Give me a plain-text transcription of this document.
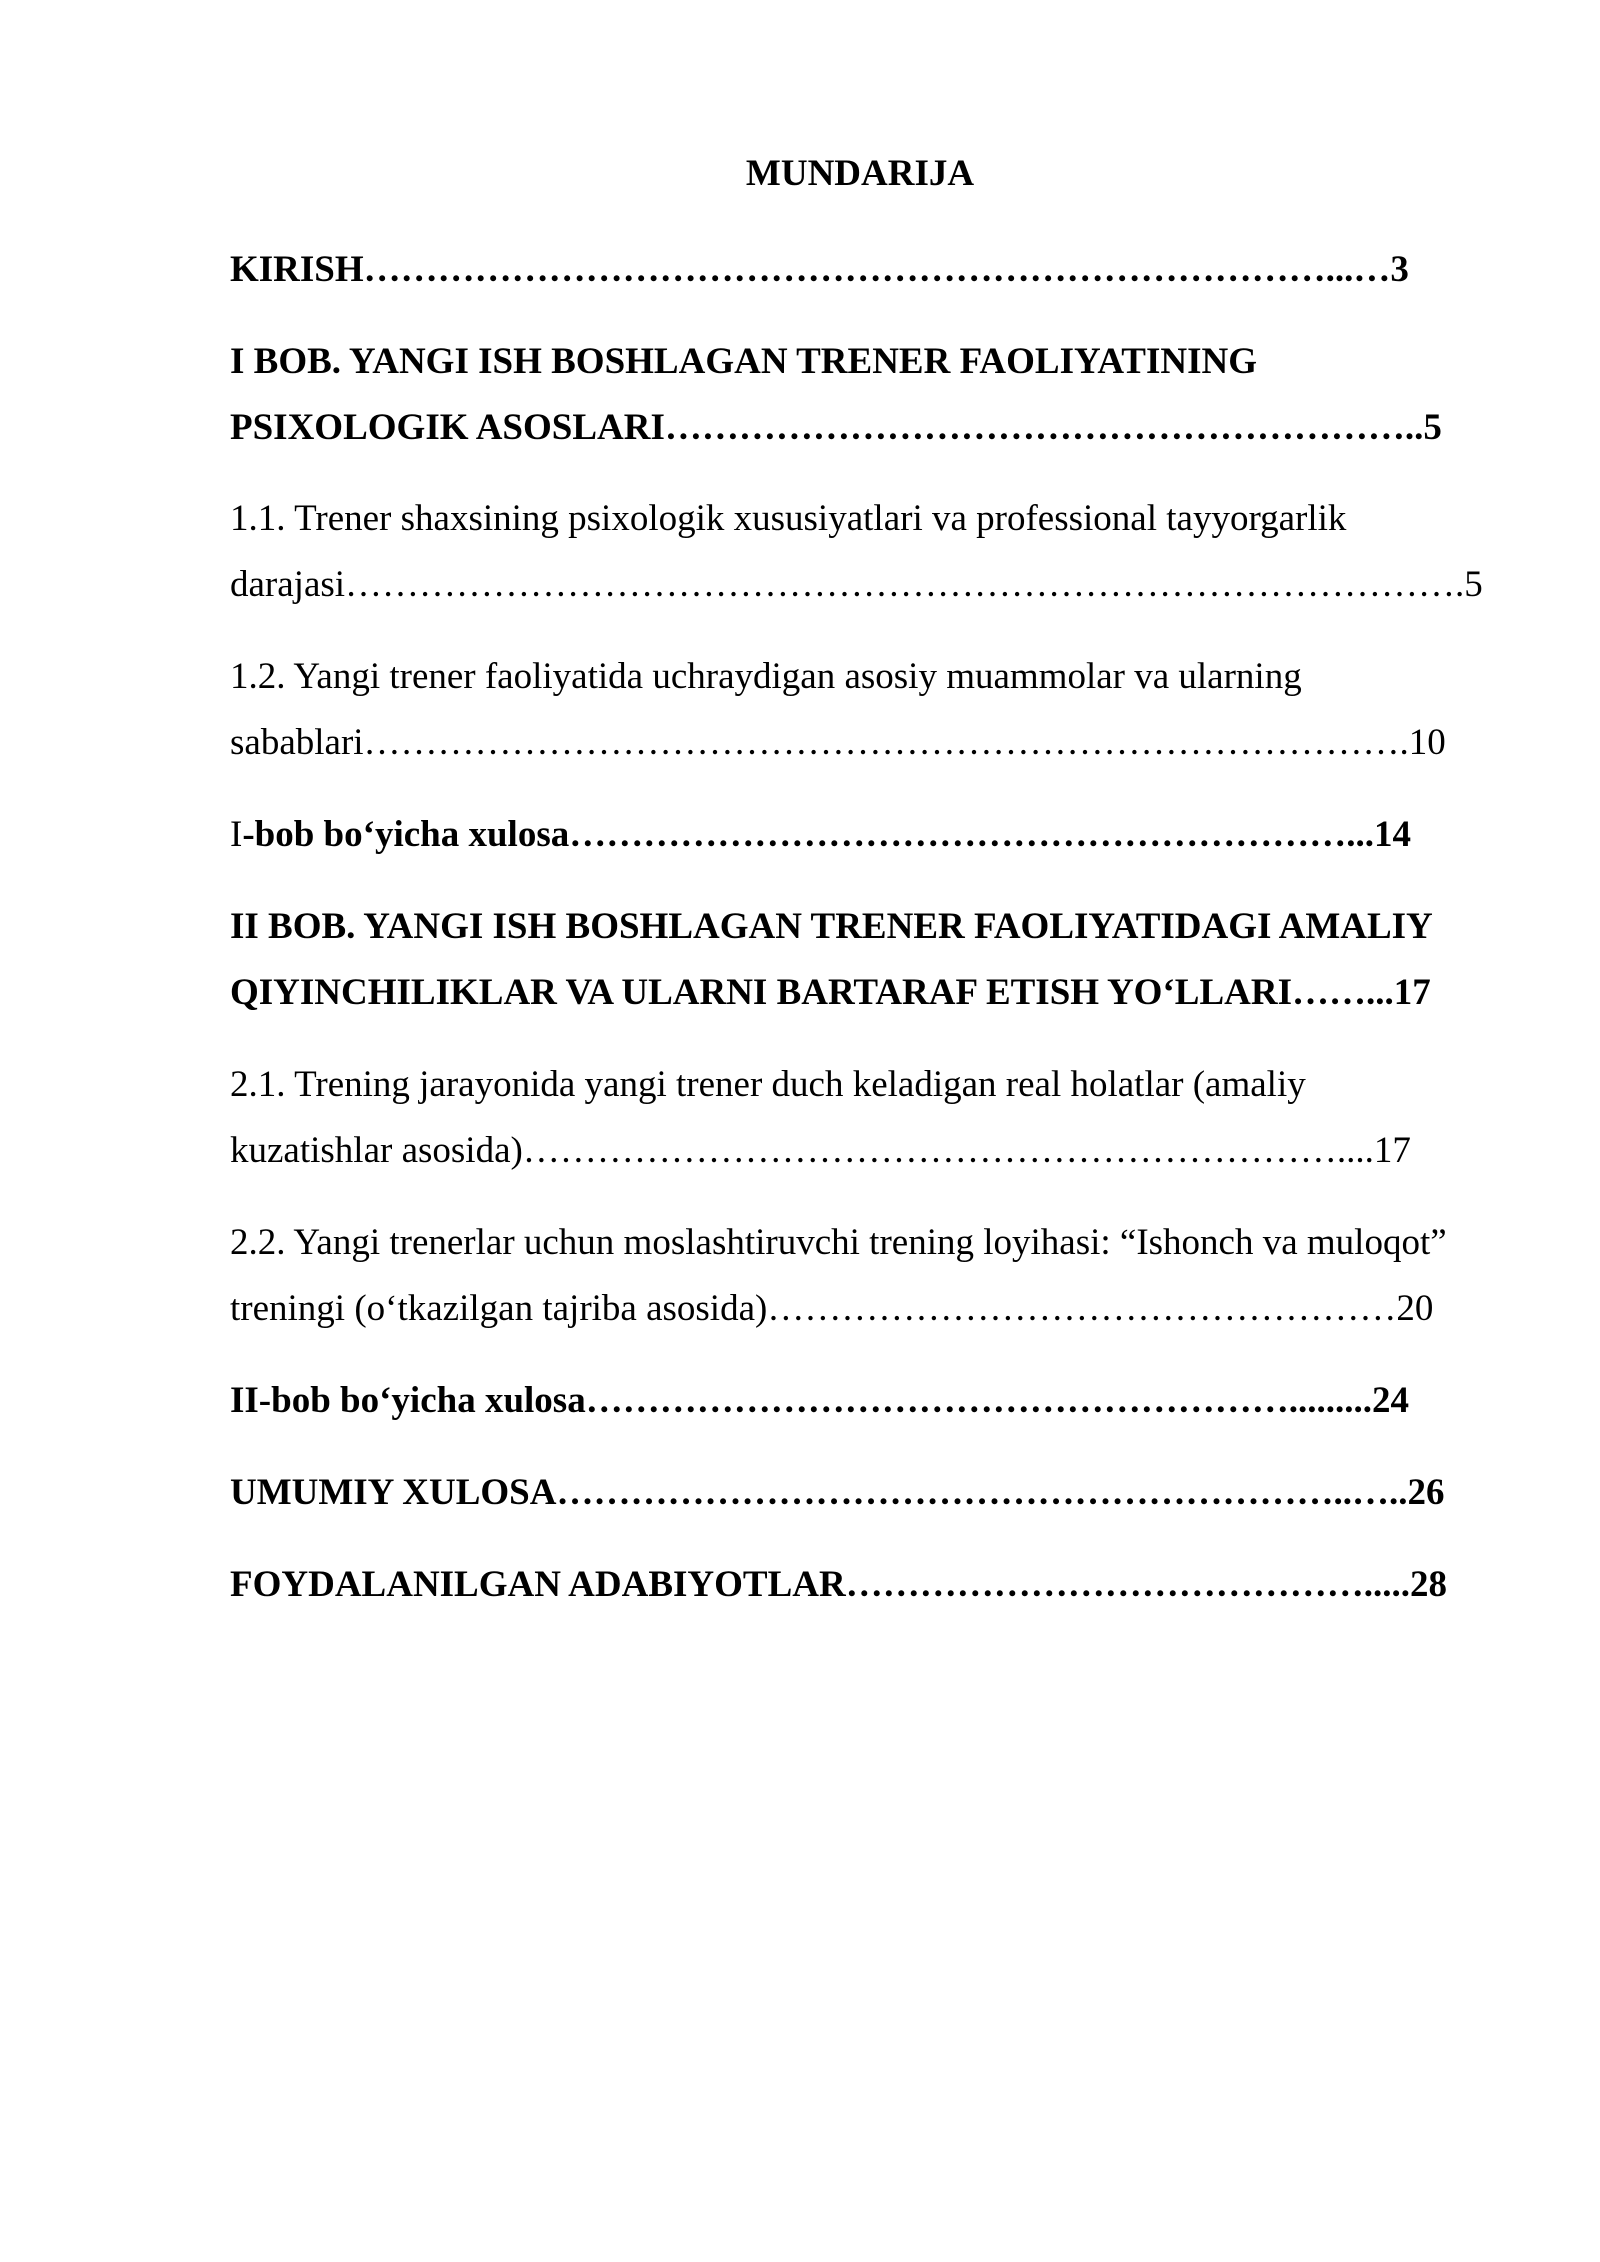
MUNDARIJA
KIRISH……………………………………………………………………...…3
I BOB. YANGI ISH BOSHLAGAN TRENER FAOLIYATINING
PSIXOLOGIK ASOSLARI……………………………………………………..5
1.1. Trener shaxsining psixologik xususiyatlari va professional tayyorgarlik
darajasi……………………………………………………………………………….5
1.2. Yangi trener faoliyatida uchraydigan asosiy muammolar va ularning
sabablari………………………………………………………………………….10
I-bob bo‘yicha xulosa………………………………………………………...14
II BOB. YANGI ISH BOSHLAGAN TRENER FAOLIYATIDAGI AMALIY
QIYINCHILIKLAR VA ULARNI BARTARAF ETISH YO‘LLARI……...17
2.1. Trening jarayonida yangi trener duch keladigan real holatlar (amaliy
kuzatishlar asosida)…………………………………………………………....17
2.2. Yangi trenerlar uchun moslashtiruvchi trening loyihasi: “Ishonch va muloqot”
treningi (o‘tkazilgan tajriba asosida)……………………………………………20
II-bob bo‘yicha xulosa………………………………………………….........24
UMUMIY XULOSA………………………………………………………..…..26
FOYDALANILGAN ADABIYOTLAR…………………………………….....28
